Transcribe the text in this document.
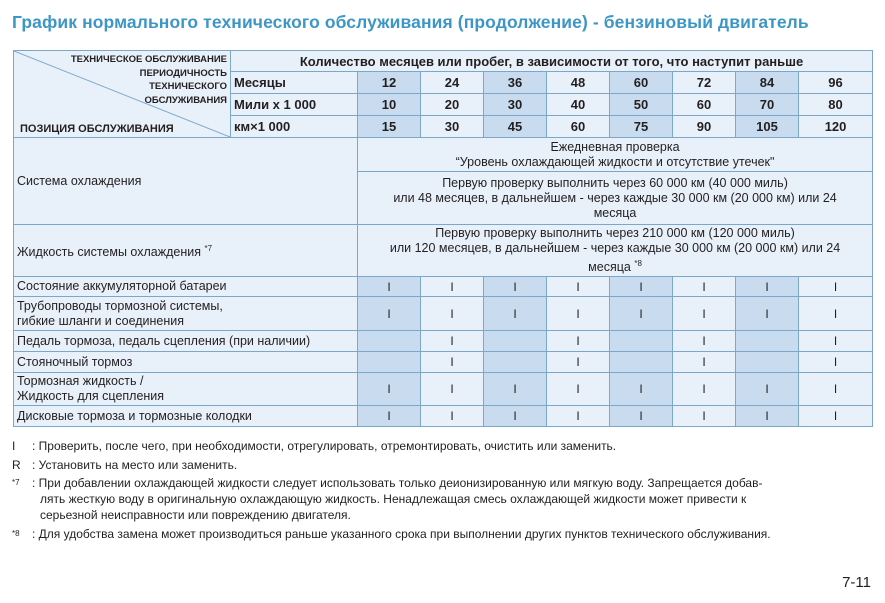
График нормального технического обслуживания (продолжение) - бензиновый двигатель
ТЕХНИЧЕСКОЕ ОБСЛУЖИВАНИЕ
ПЕРИОДИЧНОСТЬ
ТЕХНИЧЕСКОГО
ОБСЛУЖИВАНИЯ
ПОЗИЦИЯ ОБСЛУЖИВАНИЯ	Количество месяцев или пробег, в зависимости от того, что наступит раньше								
	Месяцы	12	24	36	48	60	72	84	96
	Мили x 1 000	10	20	30	40	50	60	70	80
	км×1 000	15	30	45	60	75	90	105	120
Система охлаждения		Ежедневная проверка
“Уровень охлаждающей жидкости и отсутствие утечек"							

		Первую проверку выполнить через 60 000 км (40 000 миль)
или 48 месяцев, в дальнейшем - через каждые 30 000 км (20 000 км) или 24
месяца							

Жидкость системы охлаждения $^{*7}$		Первую проверку выполнить через 210 000 км (120 000 миль)
или 120 месяцев, в дальнейшем - через каждые 30 000 км (20 000 км) или 24
месяца $^{*8}$

Состояние аккумуляторной батареи		I	I	I	I	I	I	I	I

Трубопроводы тормозной системы,
гибкие шланги и соединения		I	I	I	I	I	I	I	I

Педаль тормоза, педаль сцепления (при наличии)			I		I		I		I

Стояночный тормоз			I		I		I		I

Тормозная жидкость /
Жидкость для сцепления		I	I	I	I	I	I	I	I

Дисковые тормоза и тормозные колодки		I	I	I	I	I	I	I	I
I	: Проверить, после чего, при необходимости, отрегулировать, отремонтировать, очистить или заменить.
R : Установить на место или заменить.
*7	: При добавлении охлаждающей жидкости следует использовать только деионизированную или мягкую воду. Запрещается добав-
лять жесткую воду в оригинальную охлаждающую жидкость. Ненадлежащая смесь охлаждающей жидкости может привести к
серьезной неисправности или повреждению двигателя.
*8	: Для удобства замена может производиться раньше указанного срока при выполнении других пунктов технического обслуживания.
7-11
